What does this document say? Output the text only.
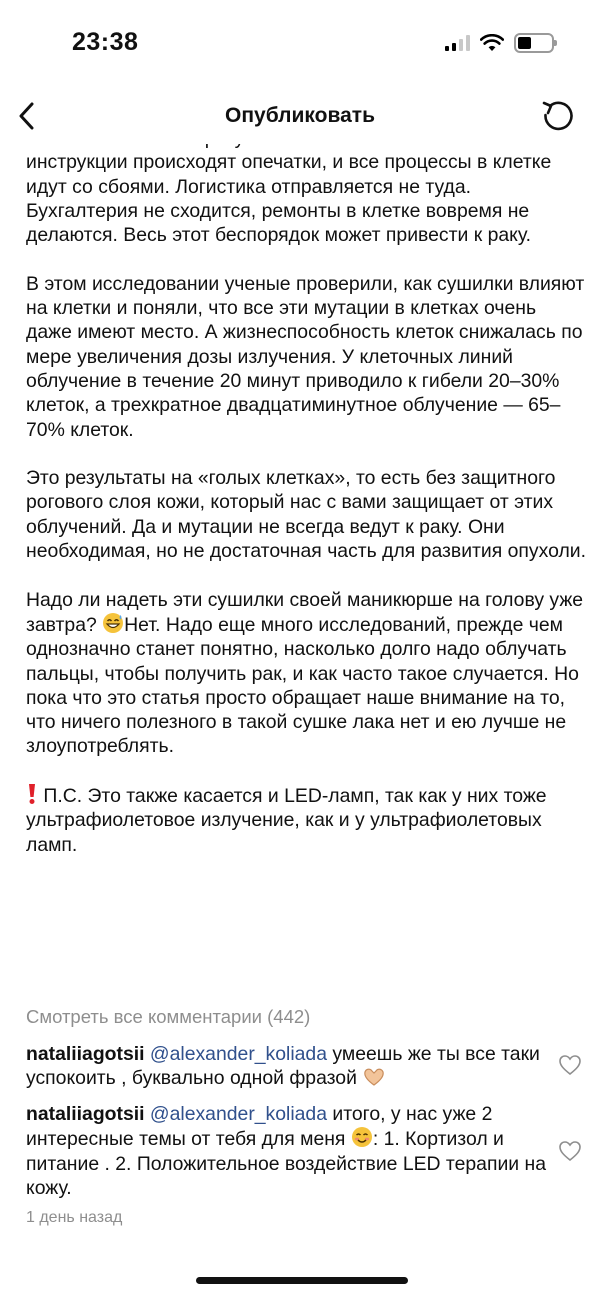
23:38

инструкции происходят опечатки, и все процессы в клетке идут со сбоями. Логистика отправляется не туда. Бухгалтерия не сходится, ремонты в клетке вовремя не делаются. Весь этот беспорядок может привести к раку.

В этом исследовании ученые проверили, как сушилки влияют на клетки и поняли, что все эти мутации в клетках очень даже имеют место. А жизнеспособность клеток снижалась по мере увеличения дозы излучения. У клеточных линий облучение в течение 20 минут приводило к гибели 20–30% клеток, а трехкратное двадцатиминутное облучение — 65–70% клеток.

Это результаты на «голых клетках», то есть без защитного рогового слоя кожи, который нас с вами защищает от этих облучений. Да и мутации не всегда ведут к раку. Они необходимая, но не достаточная часть для развития опухоли.

Надо ли надеть эти сушилки своей маникюрше на голову уже завтра? Нет. Надо еще много исследований, прежде чем однозначно станет понятно, насколько долго надо облучать пальцы, чтобы получить рак, и как часто такое случается. Но пока что это статья просто обращает наше внимание на то, что ничего полезного в такой сушке лака нет и ею лучше не злоупотреблять.

П.С. Это также касается и LED-ламп, так как у них тоже ультрафиолетовое излучение, как и у ультрафиолетовых ламп.

Смотреть все комментарии (442)
nataliiagotsii @alexander_koliada умеешь же ты все таки успокоить , буквально одной фразой
nataliiagotsii @alexander_koliada итого, у нас уже 2 интересные темы от тебя для меня : 1. Кортизол и питание . 2. Положительное воздействие LED терапии на кожу.
1 день назад
Опубликовать
